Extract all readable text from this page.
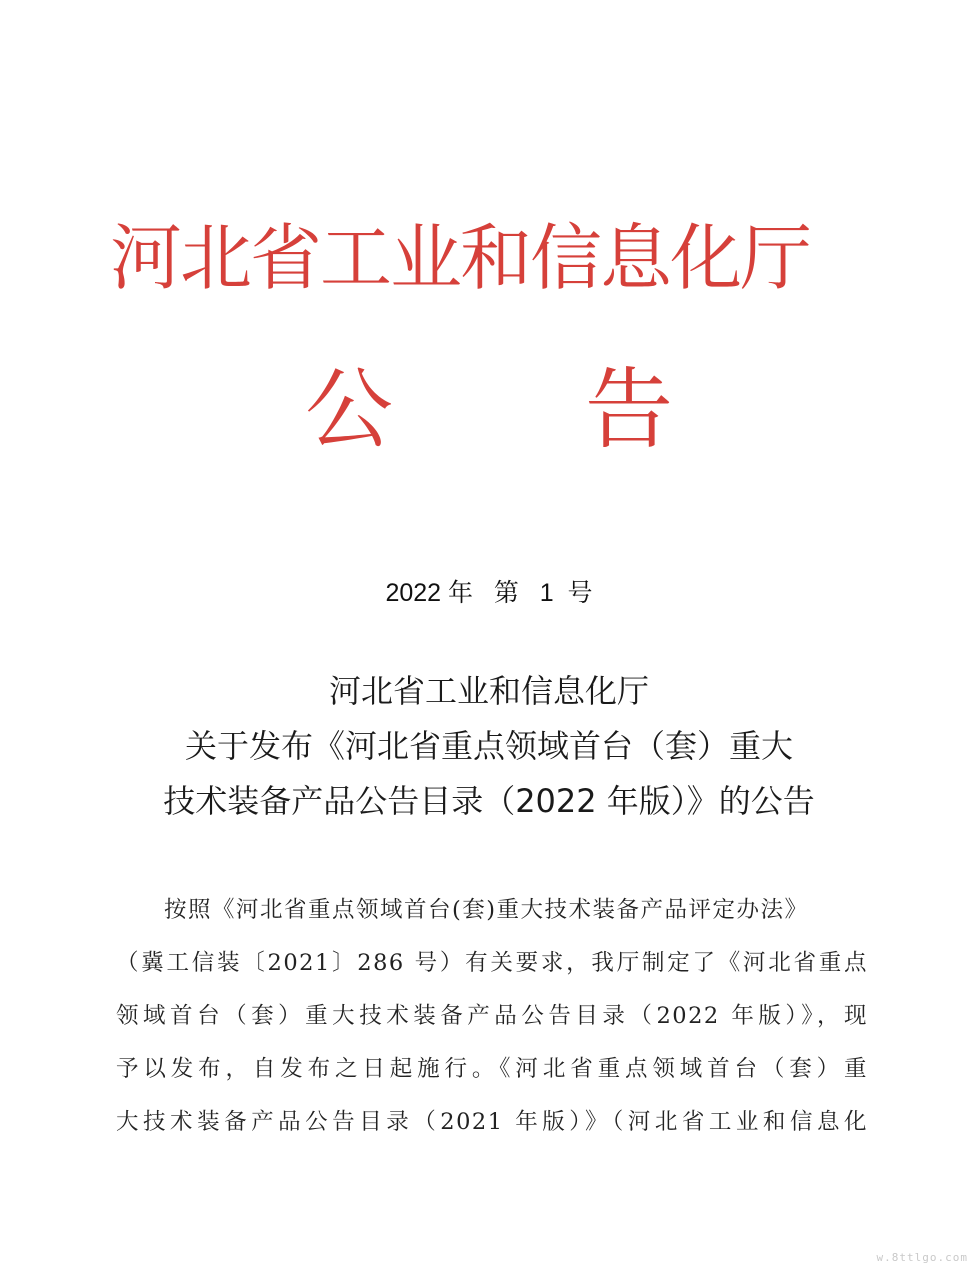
河北省工业和信息化厅
公 告
2022 年   第   1  号
河北省工业和信息化厅
关于发布《河北省重点领域首台（套）重大
技术装备产品公告目录（2022 年版）》的公告
按照《河北省重点领域首台(套)重大技术装备产品评定办法》
（冀工信装〔2021〕286 号）有关要求，我厅制定了《河北省重点
领域首台（套）重大技术装备产品公告目录（2022 年版）》，现
予以发布，自发布之日起施行。《河北省重点领域首台（套）重
大技术装备产品公告目录（2021 年版）》（河北省工业和信息化
w.8ttlgo.com
